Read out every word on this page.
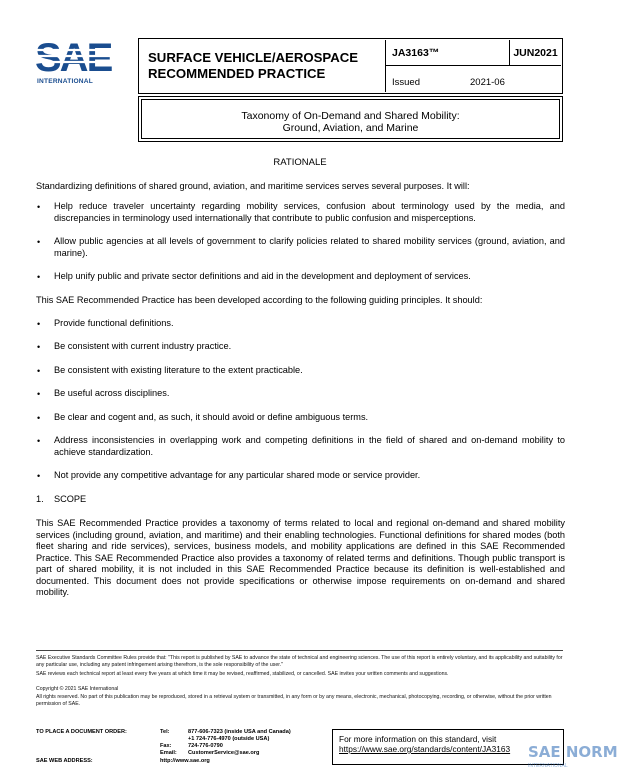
SAE
INTERNATIONAL
SURFACE VEHICLE/AEROSPACE
RECOMMENDED PRACTICE
JA3163™	JUN2021
Issued	2021-06
Taxonomy of On-Demand and Shared Mobility:
Ground, Aviation, and Marine
RATIONALE
Standardizing definitions of shared ground, aviation, and maritime services serves several purposes. It will:
• Help reduce traveler uncertainty regarding mobility services, confusion about terminology used by the media, and discrepancies in terminology used internationally that contribute to public confusion and misperceptions.
• Allow public agencies at all levels of government to clarify policies related to shared mobility services (ground, aviation, and marine).
• Help unify public and private sector definitions and aid in the development and deployment of services.
This SAE Recommended Practice has been developed according to the following guiding principles. It should:
• Provide functional definitions.
• Be consistent with current industry practice.
• Be consistent with existing literature to the extent practicable.
• Be useful across disciplines.
• Be clear and cogent and, as such, it should avoid or define ambiguous terms.
• Address inconsistencies in overlapping work and competing definitions in the field of shared and on-demand mobility to achieve standardization.
• Not provide any competitive advantage for any particular shared mode or service provider.
1. SCOPE
This SAE Recommended Practice provides a taxonomy of terms related to local and regional on-demand and shared mobility services (including ground, aviation, and maritime) and their enabling technologies. Functional definitions for shared modes (both fleet sharing and ride services), services, business models, and mobility applications are defined in this SAE Recommended Practice. This SAE Recommended Practice also provides a taxonomy of related terms and definitions. Though public transport is part of shared mobility, it is not included in this SAE Recommended Practice because its definition is well-established and documented. This document does not provide specifications or otherwise impose requirements on on-demand and shared mobility.
SAE Executive Standards Committee Rules provide that: "This report is published by SAE to advance the state of technical and engineering sciences. The use of this report is entirely voluntary, and its applicability and suitability for any particular use, including any patent infringement arising therefrom, is the sole responsibility of the user."
SAE reviews each technical report at least every five years at which time it may be revised, reaffirmed, stabilized, or cancelled. SAE invites your written comments and suggestions.
Copyright © 2021 SAE International
All rights reserved. No part of this publication may be reproduced, stored in a retrieval system or transmitted, in any form or by any means, electronic, mechanical, photocopying, recording, or otherwise, without the prior written permission of SAE.
TO PLACE A DOCUMENT ORDER:	Tel:	877-606-7323 (inside USA and Canada)
+1 724-776-4970 (outside USA)
Fax:	724-776-0790
Email: CustomerService@sae.org
SAE WEB ADDRESS:	http://www.sae.org
For more information on this standard, visit
https://www.sae.org/standards/content/JA3163	SAE NORM
INTERNATIONAL
